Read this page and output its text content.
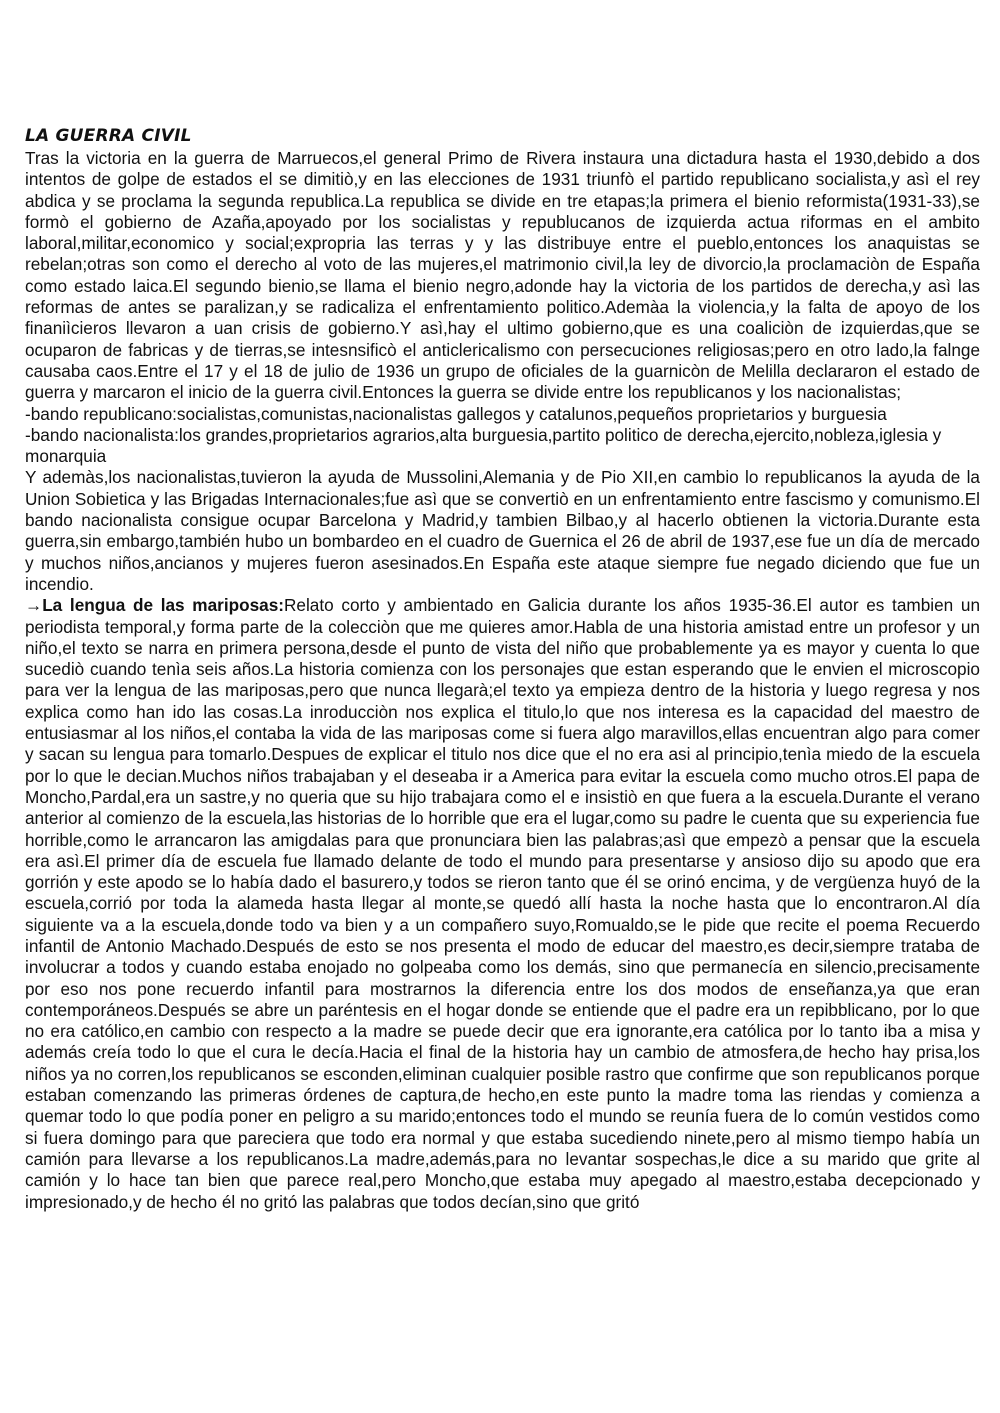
LA GUERRA CIVIL

Tras la victoria en la guerra de Marruecos,el general Primo de Rivera instaura una dictadura hasta el 1930,debido a dos intentos de golpe de estados el se dimitiò,y en las elecciones de 1931 triunfò el partido republicano socialista,y asì el rey abdica y se proclama la segunda republica.La republica se divide en tre etapas;la primera el bienio reformista(1931-33),se formò el gobierno de Azaña,apoyado por los socialistas y republucanos de izquierda actua riformas en el ambito laboral,militar,economico y social;expropria las terras y y las distribuye entre el pueblo,entonces los anaquistas se rebelan;otras son como el derecho al voto de las mujeres,el matrimonio civil,la ley de divorcio,la proclamaciòn de España como estado laica.El segundo bienio,se llama el bienio negro,adonde hay la victoria de los partidos de derecha,y asì las reformas de antes se paralizan,y se radicaliza el enfrentamiento politico.Ademàa la violencia,y la falta de apoyo de los finaniìcieros llevaron a uan crisis de gobierno.Y asì,hay el ultimo gobierno,que es una coaliciòn de izquierdas,que se ocuparon de fabricas y de tierras,se intesnsificò el anticlericalismo con persecuciones religiosas;pero en otro lado,la falnge causaba caos.Entre el 17 y el 18 de julio de 1936 un grupo de oficiales de la guarnicòn de Melilla declararon el estado de guerra y marcaron el inicio de la guerra civil.Entonces la guerra se divide entre los republicanos y los nacionalistas;

-bando republicano:socialistas,comunistas,nacionalistas gallegos y catalunos,pequeños proprietarios y burguesia

-bando nacionalista:los grandes,proprietarios agrarios,alta burguesia,partito politico de derecha,ejercito,nobleza,iglesia y monarquia

Y ademàs,los nacionalistas,tuvieron la ayuda de Mussolini,Alemania y de Pio XII,en cambio lo republicanos la ayuda de la Union Sobietica y las Brigadas Internacionales;fue asì que se convertiò en un enfrentamiento entre fascismo y comunismo.El bando nacionalista consigue ocupar Barcelona y Madrid,y tambien Bilbao,y al hacerlo obtienen la victoria.Durante esta guerra,sin embargo,también hubo un bombardeo en el cuadro de Guernica el 26 de abril de 1937,ese fue un día de mercado y muchos niños,ancianos y mujeres fueron asesinados.En España este ataque siempre fue negado diciendo que fue un incendio.

→La lengua de las mariposas:Relato corto y ambientado en Galicia durante los años 1935-36.El autor es tambien un periodista temporal,y forma parte de la colecciòn que me quieres amor.Habla de una historia amistad entre un profesor y un niño,el texto se narra en primera persona,desde el punto de vista del niño que probablemente ya es mayor y cuenta lo que sucediò cuando tenìa seis años.La historia comienza con los personajes que estan esperando que le envien el microscopio para ver la lengua de las mariposas,pero que nunca llegarà;el texto ya empieza dentro de la historia y luego regresa y nos explica como han ido las cosas.La inroducciòn nos explica el titulo,lo que nos interesa es la capacidad del maestro de entusiasmar al los niños,el contaba la vida de las mariposas come si fuera algo maravillos,ellas encuentran algo para comer y sacan su lengua para tomarlo.Despues de explicar el titulo nos dice que el no era asi al principio,tenìa miedo de la escuela por lo que le decian.Muchos niños trabajaban y el deseaba ir a America para evitar la escuela como mucho otros.El papa de Moncho,Pardal,era un sastre,y no queria que su hijo trabajara como el e insistiò en que fuera a la escuela.Durante el verano anterior al comienzo de la escuela,las historias de lo horrible que era el lugar,como su padre le cuenta que su experiencia fue horrible,como le arrancaron las amigdalas para que pronunciara bien las palabras;asì que empezò a pensar que la escuela era asì.El primer día de escuela fue llamado delante de todo el mundo para presentarse y ansioso dijo su apodo que era gorrión y este apodo se lo había dado el basurero,y todos se rieron tanto que él se orinó encima, y de vergüenza huyó de la escuela,corrió por toda la alameda hasta llegar al monte,se quedó allí hasta la noche hasta que lo encontraron.Al día siguiente va a la escuela,donde todo va bien y a un compañero suyo,Romualdo,se le pide que recite el poema Recuerdo infantil de Antonio Machado.Después de esto se nos presenta el modo de educar del maestro,es decir,siempre trataba de involucrar a todos y cuando estaba enojado no golpeaba como los demás, sino que permanecía en silencio,precisamente por eso nos pone recuerdo infantil para mostrarnos la diferencia entre los dos modos de enseñanza,ya que eran contemporáneos.Después se abre un paréntesis en el hogar donde se entiende que el padre era un repibblicano, por lo que no era católico,en cambio con respecto a la madre se puede decir que era ignorante,era católica por lo tanto iba a misa y además creía todo lo que el cura le decía.Hacia el final de la historia hay un cambio de atmosfera,de hecho hay prisa,los niños ya no corren,los republicanos se esconden,eliminan cualquier posible rastro que confirme que son republicanos porque estaban comenzando las primeras órdenes de captura,de hecho,en este punto la madre toma las riendas y comienza a quemar todo lo que podía poner en peligro a su marido;entonces todo el mundo se reunía fuera de lo común vestidos como si fuera domingo para que pareciera que todo era normal y que estaba sucediendo ninete,pero al mismo tiempo había un camión para llevarse a los republicanos.La madre,además,para no levantar sospechas,le dice a su marido que grite al camión y lo hace tan bien que parece real,pero Moncho,que estaba muy apegado al maestro,estaba decepcionado y impresionado,y de hecho él no gritó las palabras que todos decían,sino que gritó
